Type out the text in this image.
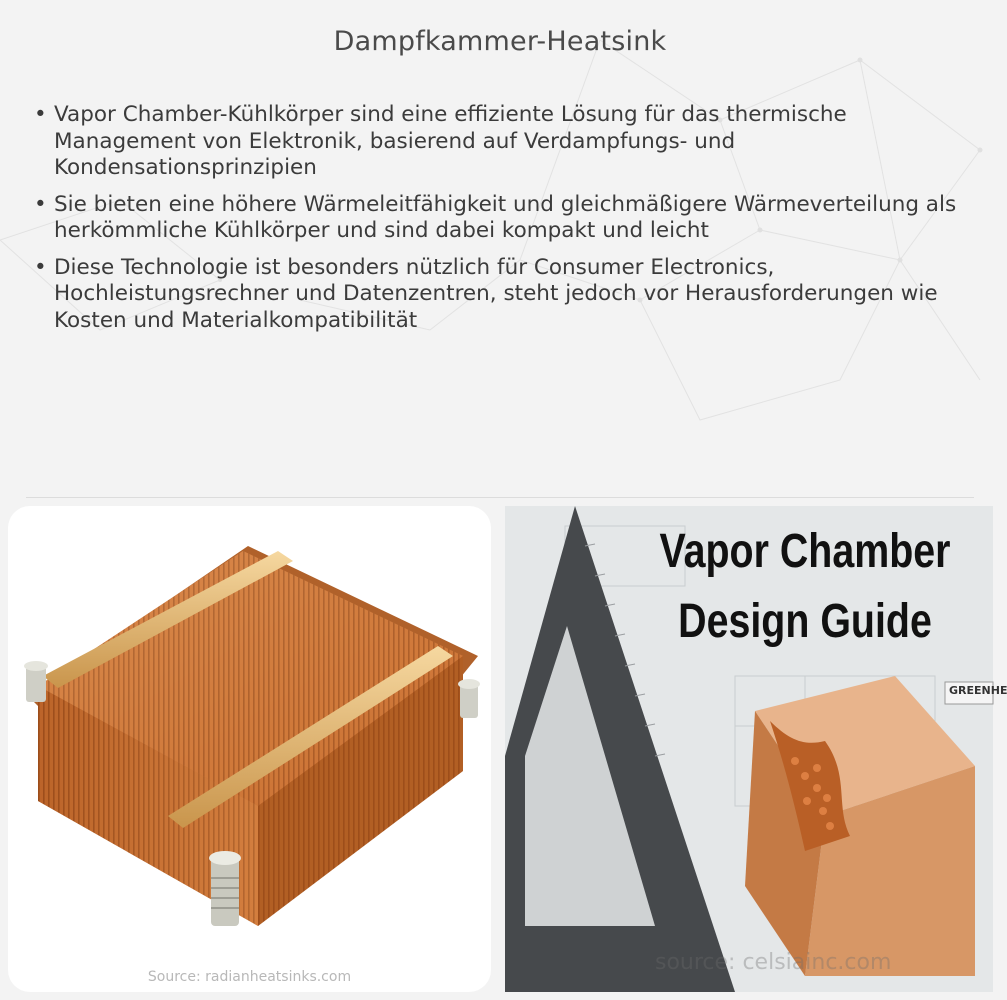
Dampfkammer-Heatsink
• Vapor Chamber-Kühlkörper sind eine effiziente Lösung für das thermische Management von Elektronik, basierend auf Verdampfungs- und Kondensationsprinzipien
• Sie bieten eine höhere Wärmeleitfähigkeit und gleichmäßigere Wärmeverteilung als herkömmliche Kühlkörper und sind dabei kompakt und leicht
• Diese Technologie ist besonders nützlich für Consumer Electronics, Hochleistungsrechner und Datenzentren, steht jedoch vor Herausforderungen wie Kosten und Materialkompatibilität
Source: radianheatsinks.com
GREENHE
Vapor Chamber
Design Guide
source: celsiainc.com
